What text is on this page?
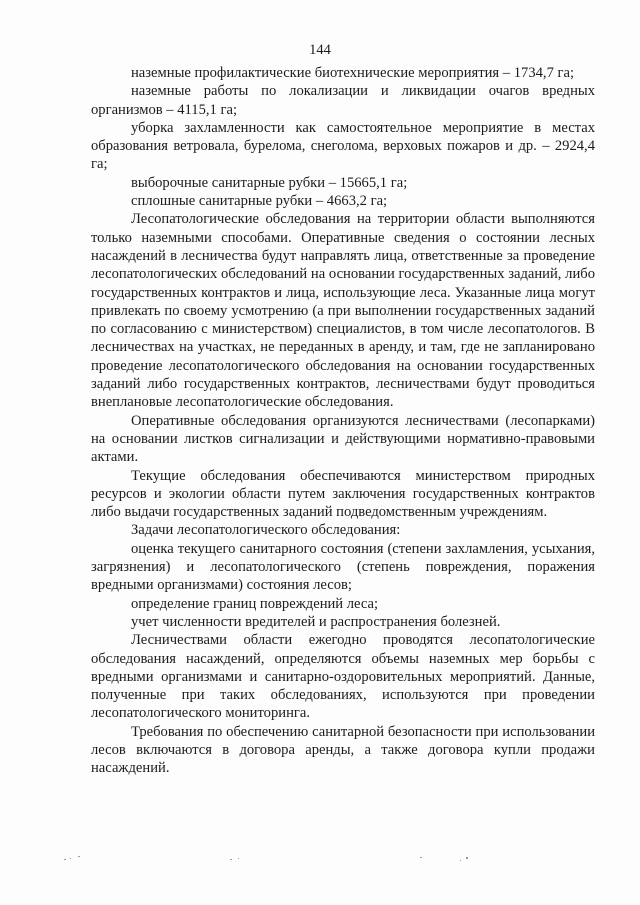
144

наземные профилактические биотехнические мероприятия – 1734,7 га;

наземные работы по локализации и ликвидации очагов вредных организмов – 4115,1 га;

уборка захламленности как самостоятельное мероприятие в местах образования ветровала, бурелома, снеголома, верховых пожаров и др. – 2924,4 га;

выборочные санитарные рубки – 15665,1 га;

сплошные санитарные рубки – 4663,2 га;

Лесопатологические обследования на территории области выполняются только наземными способами. Оперативные сведения о состоянии лесных насаждений в лесничества будут направлять лица, ответственные за проведение лесопатологических обследований на основании государственных заданий, либо государственных контрактов и лица, использующие леса. Указанные лица могут привлекать по своему усмотрению (а при выполнении государственных заданий по согласованию с министерством) специалистов, в том числе лесопатологов. В лесничествах на участках, не переданных в аренду, и там, где не запланировано проведение лесопатологического обследования на основании государственных заданий либо государственных контрактов, лесничествами будут проводиться внеплановые лесопатологические обследования.

Оперативные обследования организуются лесничествами (лесопарками) на основании листков сигнализации и действующими нормативно-правовыми актами.

Текущие обследования обеспечиваются министерством природных ресурсов и экологии области путем заключения государственных контрактов либо выдачи государственных заданий подведомственным учреждениям.

Задачи лесопатологического обследования:

оценка текущего санитарного состояния (степени захламления, усыхания, загрязнения) и лесопатологического (степень повреждения, поражения вредными организмами) состояния лесов;

определение границ повреждений леса;

учет численности вредителей и распространения болезней.

Лесничествами области ежегодно проводятся лесопатологические обследования насаждений, определяются объемы наземных мер борьбы с вредными организмами и санитарно-оздоровительных мероприятий. Данные, полученные при таких обследованиях, используются при проведении лесопатологического мониторинга.

Требования по обеспечению санитарной безопасности при использовании лесов включаются в договора аренды, а также договора купли продажи насаждений.
